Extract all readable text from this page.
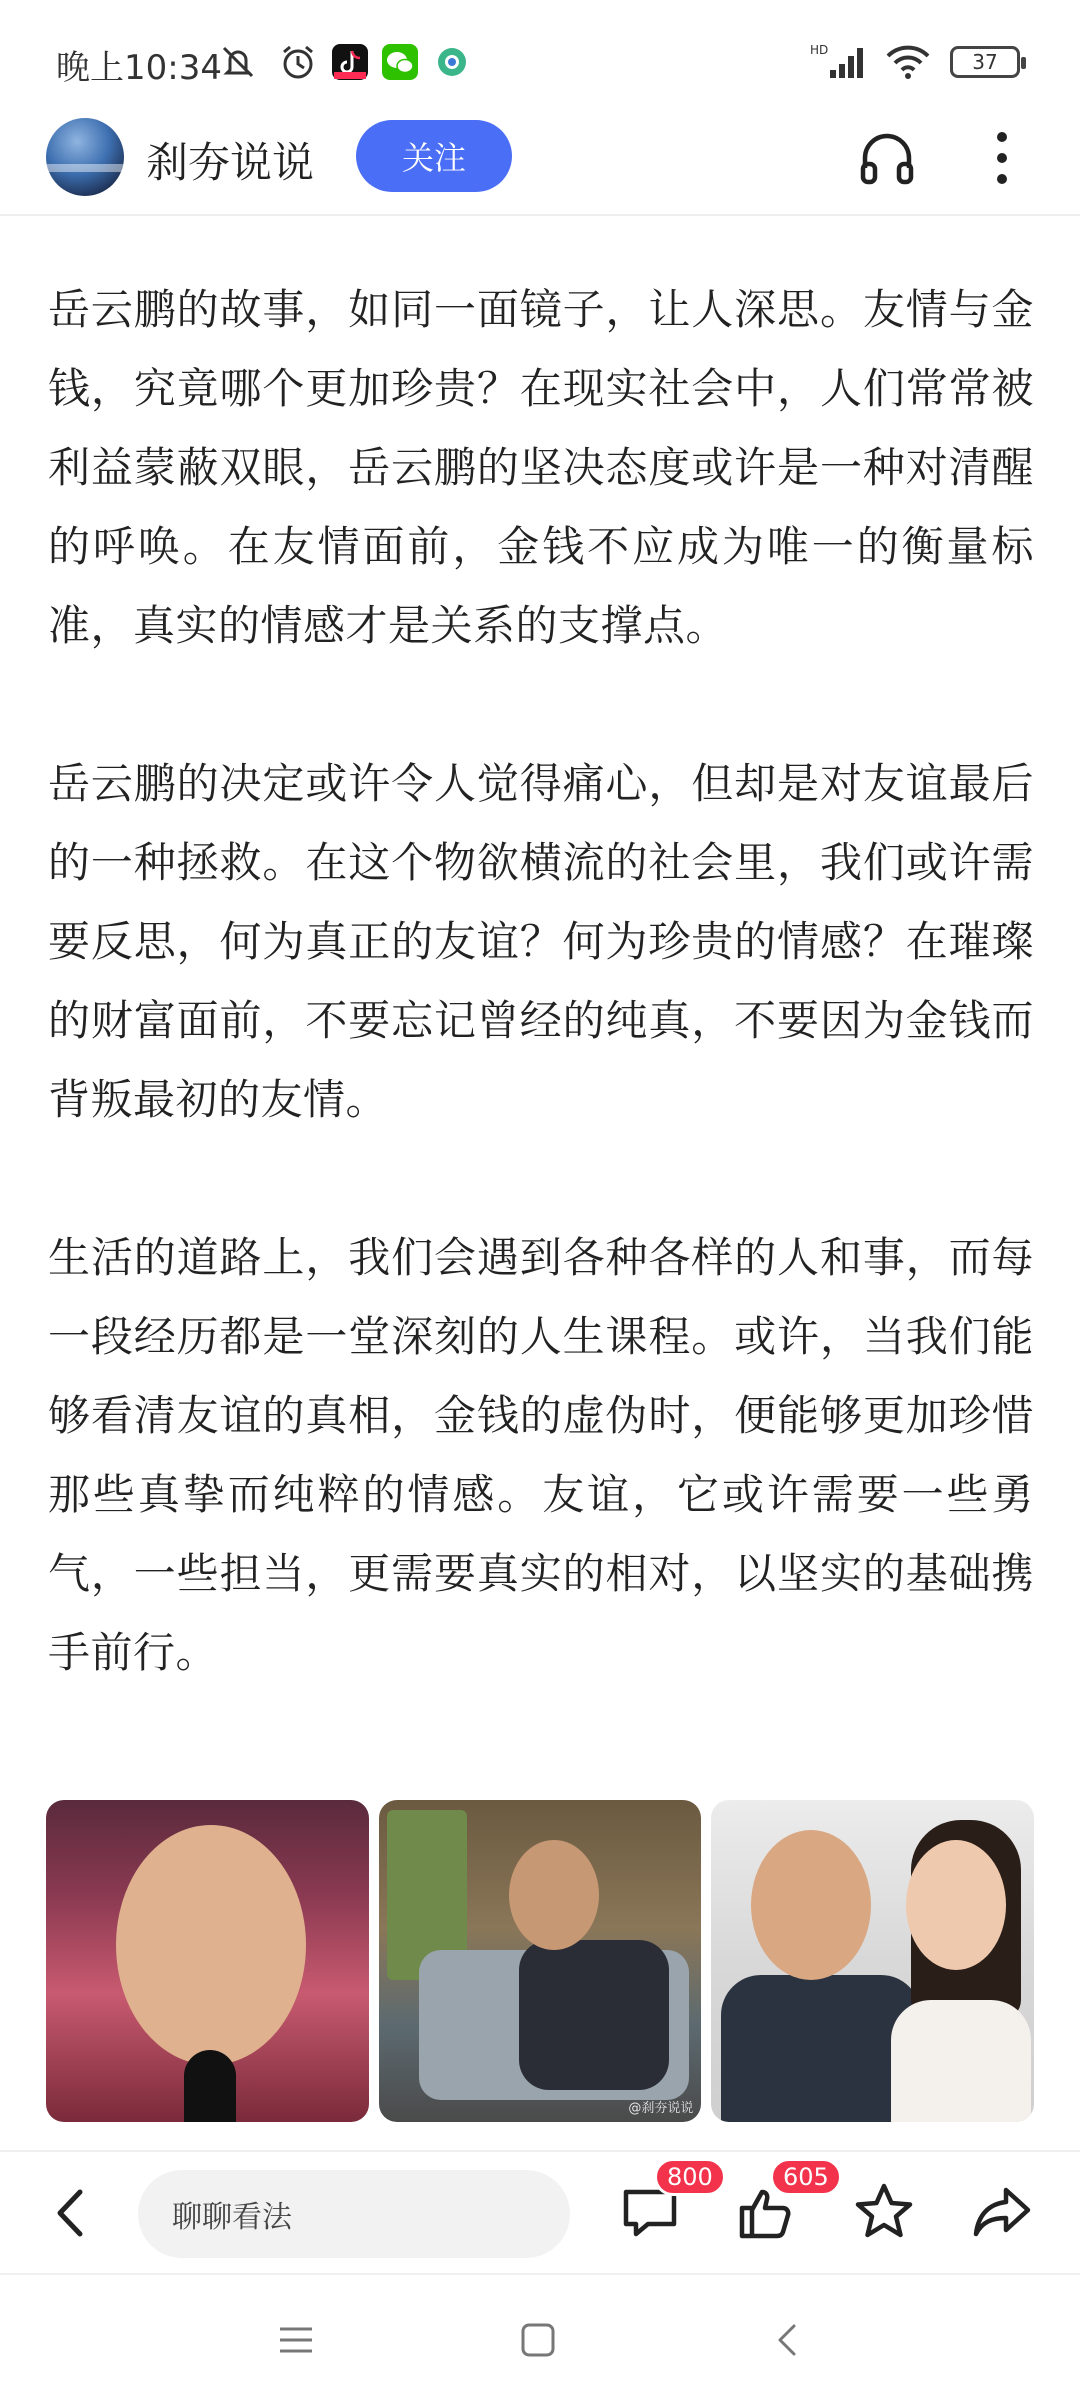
晚上10:34	HD	37
刹夯说说	关注

岳云鹏的故事，如同一面镜子，让人深思。友情与金钱，究竟哪个更加珍贵？在现实社会中，人们常常被利益蒙蔽双眼，岳云鹏的坚决态度或许是一种对清醒的呼唤。在友情面前，金钱不应成为唯一的衡量标准，真实的情感才是关系的支撑点。

岳云鹏的决定或许令人觉得痛心，但却是对友谊最后的一种拯救。在这个物欲横流的社会里，我们或许需要反思，何为真正的友谊？何为珍贵的情感？在璀璨的财富面前，不要忘记曾经的纯真，不要因为金钱而背叛最初的友情。

生活的道路上，我们会遇到各种各样的人和事，而每一段经历都是一堂深刻的人生课程。或许，当我们能够看清友谊的真相，金钱的虚伪时，便能够更加珍惜那些真挚而纯粹的情感。友谊，它或许需要一些勇气，一些担当，更需要真实的相对，以坚实的基础携手前行。

@刹夯说说
聊聊看法
800	605
